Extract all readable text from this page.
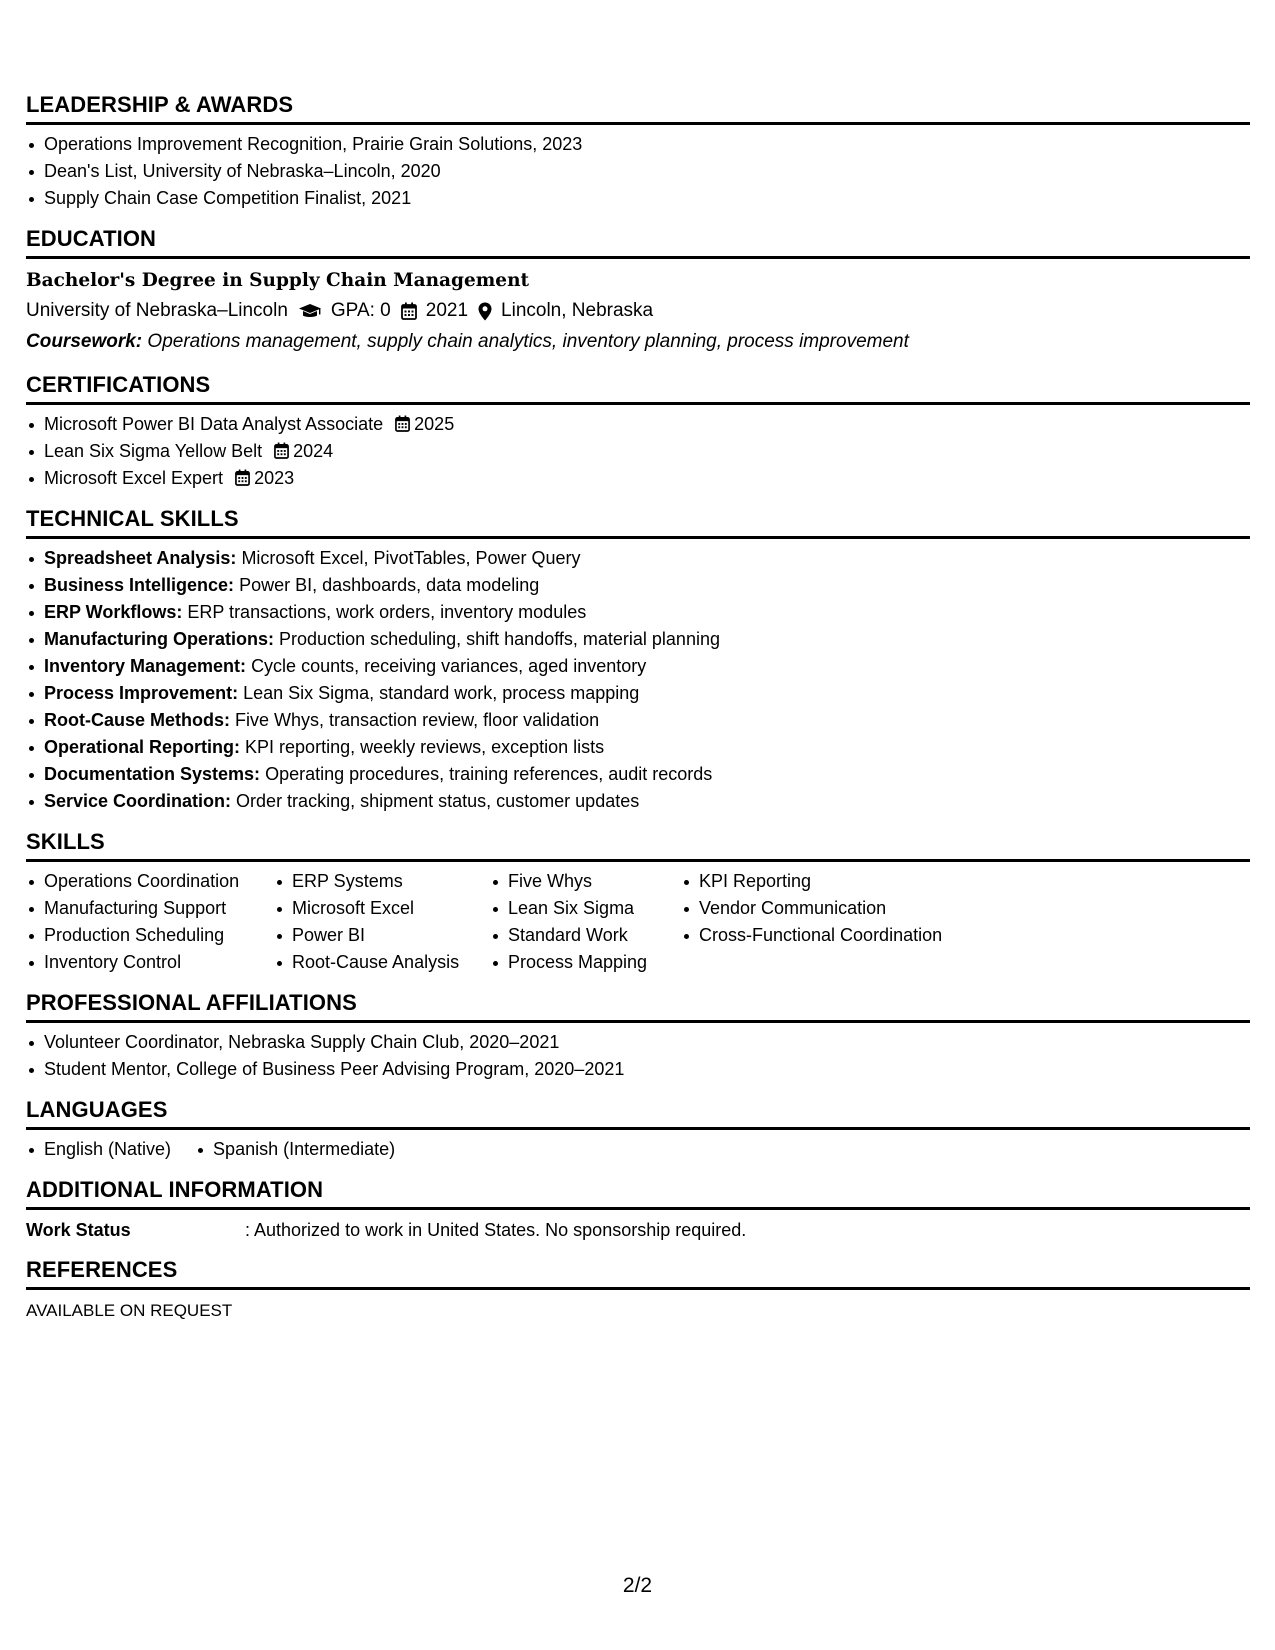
LEADERSHIP & AWARDS
Operations Improvement Recognition, Prairie Grain Solutions, 2023
Dean's List, University of Nebraska–Lincoln, 2020
Supply Chain Case Competition Finalist, 2021
EDUCATION
Bachelor's Degree in Supply Chain Management
University of Nebraska–Lincoln GPA: 0 2021 Lincoln, Nebraska
Coursework: Operations management, supply chain analytics, inventory planning, process improvement
CERTIFICATIONS
Microsoft Power BI Data Analyst Associate 2025
Lean Six Sigma Yellow Belt 2024
Microsoft Excel Expert 2023
TECHNICAL SKILLS
Spreadsheet Analysis: Microsoft Excel, PivotTables, Power Query
Business Intelligence: Power BI, dashboards, data modeling
ERP Workflows: ERP transactions, work orders, inventory modules
Manufacturing Operations: Production scheduling, shift handoffs, material planning
Inventory Management: Cycle counts, receiving variances, aged inventory
Process Improvement: Lean Six Sigma, standard work, process mapping
Root-Cause Methods: Five Whys, transaction review, floor validation
Operational Reporting: KPI reporting, weekly reviews, exception lists
Documentation Systems: Operating procedures, training references, audit records
Service Coordination: Order tracking, shipment status, customer updates
SKILLS
Operations Coordination
Manufacturing Support
Production Scheduling
Inventory Control
ERP Systems
Microsoft Excel
Power BI
Root-Cause Analysis
Five Whys
Lean Six Sigma
Standard Work
Process Mapping
KPI Reporting
Vendor Communication
Cross-Functional Coordination
PROFESSIONAL AFFILIATIONS
Volunteer Coordinator, Nebraska Supply Chain Club, 2020–2021
Student Mentor, College of Business Peer Advising Program, 2020–2021
LANGUAGES
English (Native)	Spanish (Intermediate)
ADDITIONAL INFORMATION
Work Status	: Authorized to work in United States. No sponsorship required.
REFERENCES
AVAILABLE ON REQUEST
2/2
